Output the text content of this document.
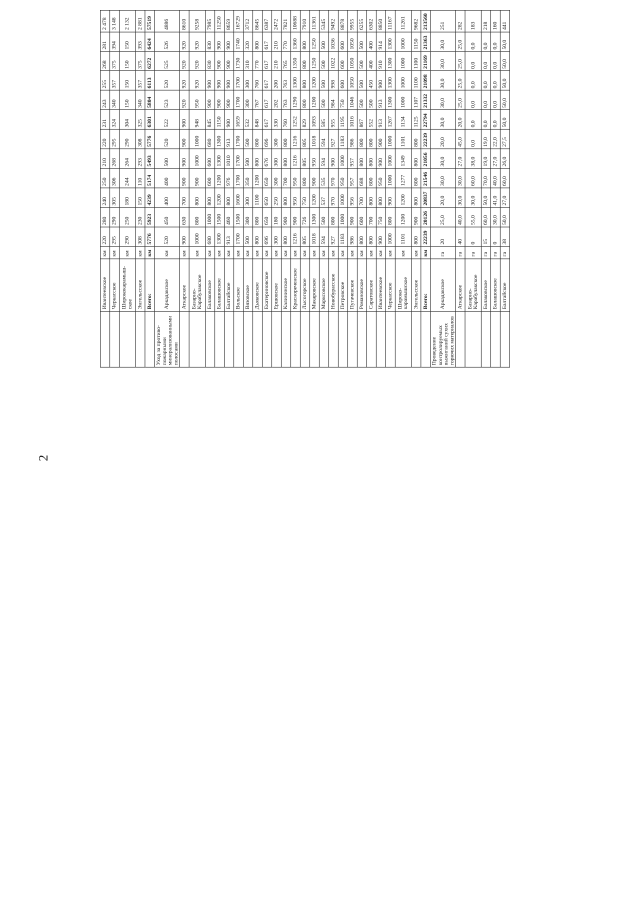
2
	Ивантеевское	км	220	280	240	250	210	220	231	243	255	268	281	2 478
	Черкасское	км	295	290	305	306	268	295	324	340	357	375	394	3 148
	Ширококарамыш-ское	км	290	250	180	244	264	290	304	150	150	150	150	2 132
	Энгельсское	км	308	230	150	110	293	308	325	340	357	375	393	2 881
	Всего:	км	5776	5923	4239	5174	5493	5776	6301	5804	6113	6272	6424	57519
Уход за противо-пожарными минерализованными полосами	Аркадакское	км	520	450	400	400	500	520	522	523	520	525	526	4886
	Аткарское	км	900	630	700	900	900	900	900	920	920	920	920	8610
	Базарно-Карабулакское	км	1000	800	800	900	1000	1000	948	950	920	920	920	9258
	Балаковское	км	680	1000	800	600	600	680	845	900	900	830	830	7985
	Балашовское	км	1300	1500	1200	1200	1300	1300	1150	900	900	900	900	11250
	Балтайское	км	913	460	800	976	1010	913	900	900	900	900	900	8659
	Вольское	км	1700	1500	1600	1700	1700	1700	1659	1700	1700	1730	1740	16729
	Вязовское	км	500	300	300	350	500	500	532	300	300	310	320	3712
	Дьяковское	км	800	800	1100	1200	800	800	848	767	760	770	800	8645
	Екатериновское	км	696	650	650	650	676	696	617	617	617	617	617	6387
	Ершовское	км	300	180	250	300	300	300	330	202	200	210	210	2472
	Калининское	км	800	900	800	700	800	800	760	763	763	765	770	7821
	Краснореченское	км	1216	900	950	950	1216	1216	1252	1290	1300	1350	1360	10688
	Лысогорское	км	805	726	750	800	805	805	829	800	800	800	800	7910
	Макаровское	км	1018	1300	1200	900	950	1018	1093	1200	1200	1250	1250	11361
	Марксовское	км	594	500	537	535	594	594	585	500	500	500	500	5345
	Новобурасское	км	927	800	970	970	900	927	955	984	998	1022	1036	9492
	Петровское	км	1183	1000	1000	950	1000	1183	1195	750	600	600	600	8878
	Пугачевское	км	986	900	956	957	957	986	1016	1046	1050	1050	1050	9955
	Романовское	км	800	600	700	688	800	800	867	500	500	500	500	6255
	Саратовское	км	800	700	800	800	800	800	552	500	450	400	400	6302
	Ивантеевское	км	900	750	800	950	900	900	913	913	900	910	914	8850
	Черкасское	км	1000	800	900	1000	1000	1000	1267	1300	1300	1300	1300	11167
	Широко-карамышское	км	1101	1200	1200	1277	1349	1101	1134	1000	1000	1000	1000	11261
	Энгельсское	км	800	900	800	800	800	800	1125	1107	1100	1100	1150	9682
	Всего:	км	22239	20126	20837	21546	21056	22239	22794	21332	21098	21169	21363	213560
Проведение контролируемых выжиганий сухих горючих материалов	Аркадакское	га	20	25,0	20,0	30,0	30,0	20,0	30,0	30,0	30,0	30,0	30,0	251
	Аткарское	га	40	40,0	30,0	30,0	27,0	45,0	20,0	25,0	25,0	25,0	25,0	282
	Базарно-Карабулакское	га	0	55,0	30,0	60,0	38,0	0,0	0,0	0,0	0,0	0,0	0,0	183
	Балаковское	га	15	60,0	50,0	70,0	19,0	19,0	0,0	0,0	0,0	0,0	0,0	218
	Балашовское	га	0	30,0	41,0	40,0	27,0	22,0	0,0	0,0	0,0	0,0	0,0	160
	Балтайское	га	38	50,0	27,0	60,0	26,0	27,5	50,0	50,0	50,0	50,0	50,0	441
